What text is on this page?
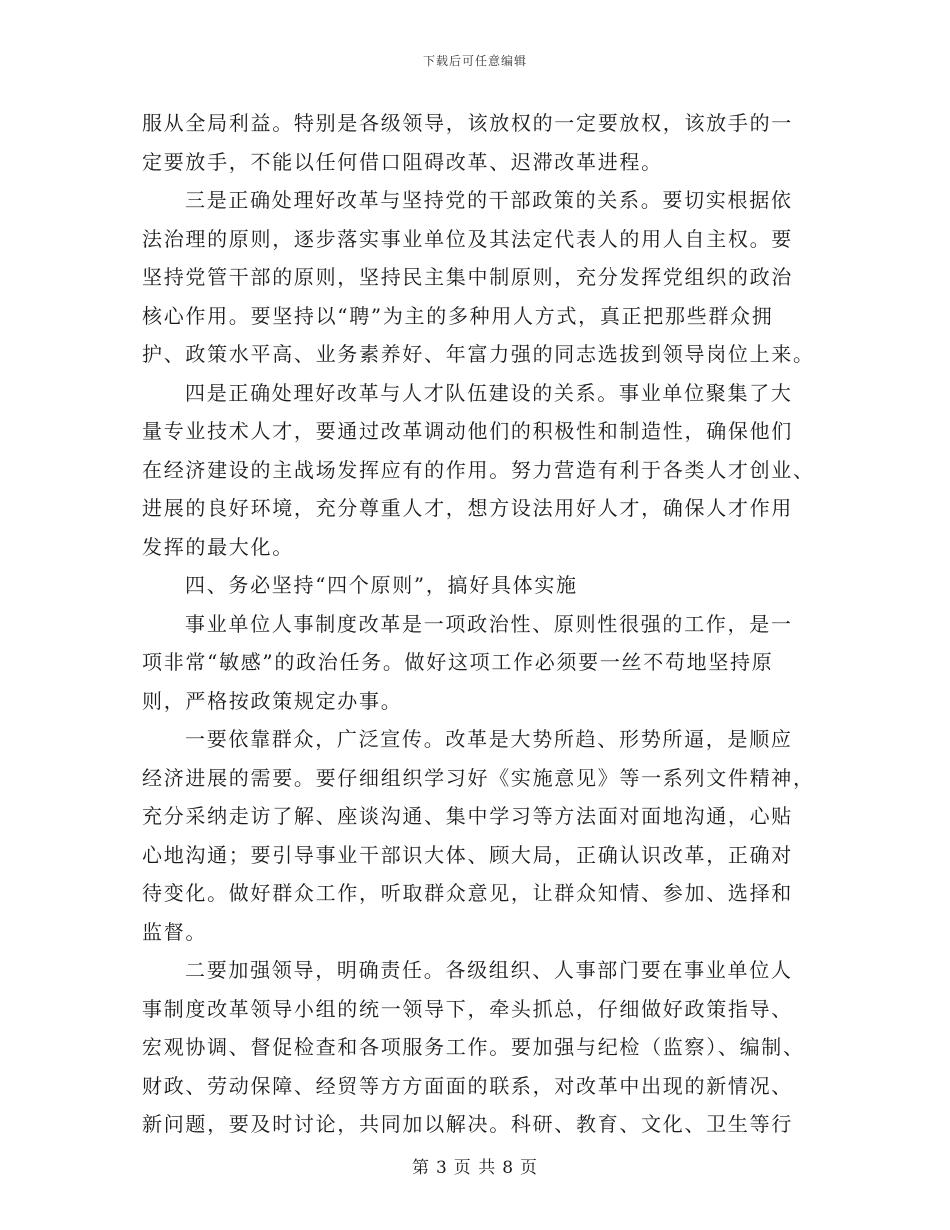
下载后可任意编辑
服从全局利益。特别是各级领导，该放权的一定要放权，该放手的一
定要放手，不能以任何借口阻碍改革、迟滞改革进程。
三是正确处理好改革与坚持党的干部政策的关系。要切实根据依
法治理的原则，逐步落实事业单位及其法定代表人的用人自主权。要
坚持党管干部的原则，坚持民主集中制原则，充分发挥党组织的政治
核心作用。要坚持以“聘”为主的多种用人方式，真正把那些群众拥
护、政策水平高、业务素养好、年富力强的同志选拔到领导岗位上来。
四是正确处理好改革与人才队伍建设的关系。事业单位聚集了大
量专业技术人才，要通过改革调动他们的积极性和制造性，确保他们
在经济建设的主战场发挥应有的作用。努力营造有利于各类人才创业、
进展的良好环境，充分尊重人才，想方设法用好人才，确保人才作用
发挥的最大化。
四、务必坚持“四个原则”，搞好具体实施
事业单位人事制度改革是一项政治性、原则性很强的工作，是一
项非常“敏感”的政治任务。做好这项工作必须要一丝不苟地坚持原
则，严格按政策规定办事。
一要依靠群众，广泛宣传。改革是大势所趋、形势所逼，是顺应
经济进展的需要。要仔细组织学习好《实施意见》等一系列文件精神，
充分采纳走访了解、座谈沟通、集中学习等方法面对面地沟通，心贴
心地沟通；要引导事业干部识大体、顾大局，正确认识改革，正确对
待变化。做好群众工作，听取群众意见，让群众知情、参加、选择和
监督。
二要加强领导，明确责任。各级组织、人事部门要在事业单位人
事制度改革领导小组的统一领导下，牵头抓总，仔细做好政策指导、
宏观协调、督促检查和各项服务工作。要加强与纪检（监察）、编制、
财政、劳动保障、经贸等方方面面的联系，对改革中出现的新情况、
新问题，要及时讨论，共同加以解决。科研、教育、文化、卫生等行
第 3 页 共 8 页
